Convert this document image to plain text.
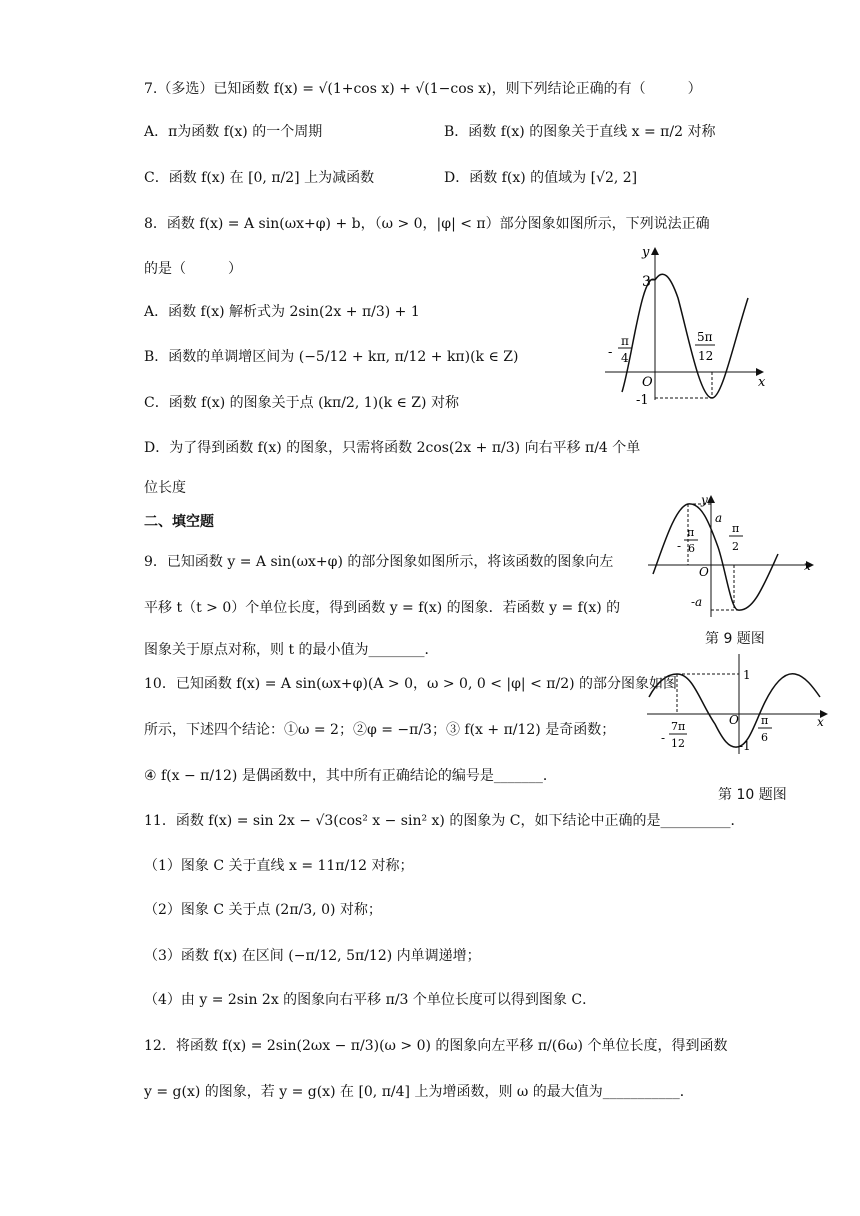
7.（多选）已知函数 f(x) = √(1+cos x) + √(1−cos x)，则下列结论正确的有（　　　）
A．π为函数 f(x) 的一个周期	B．函数 f(x) 的图象关于直线 x = π/2 对称
C．函数 f(x) 在 [0, π/2] 上为减函数	D．函数 f(x) 的值域为 [√2, 2]
8．函数 f(x) = A sin(ωx+φ) + b，（ω > 0，|φ| < π）部分图象如图所示，下列说法正确
的是（　　　）
A．函数 f(x) 解析式为 2sin(2x + π/3) + 1
B．函数的单调增区间为 (−5/12 + kπ, π/12 + kπ)(k ∈ Z)
C．函数 f(x) 的图象关于点 (kπ/2, 1)(k ∈ Z) 对称
D．为了得到函数 f(x) 的图象，只需将函数 2cos(2x + π/3) 向右平移 π/4 个单
位长度
y
x
O
3
-1
-
π
4
5π
12
二、填空题
9．已知函数 y = A sin(ωx+φ) 的部分图象如图所示，将该函数的图象向左
平移 t（t > 0）个单位长度，得到函数 y = f(x) 的图象．若函数 y = f(x) 的
图象关于原点对称，则 t 的最小值为________．
y
x
O
a
-a
-
π
6
π
2
第 9 题图
10．已知函数 f(x) = A sin(ωx+φ)(A > 0，ω > 0, 0 < |φ| < π/2) 的部分图象如图
所示，下述四个结论：①ω = 2；②φ = −π/3；③ f(x + π/12) 是奇函数；
④ f(x − π/12) 是偶函数中，其中所有正确结论的编号是_______．
1
-1
O	x
-
7π
12
π
6
第 10 题图
11．函数 f(x) = sin 2x − √3(cos² x − sin² x) 的图象为 C，如下结论中正确的是__________．
（1）图象 C 关于直线 x = 11π/12 对称；
（2）图象 C 关于点 (2π/3, 0) 对称；
（3）函数 f(x) 在区间 (−π/12, 5π/12) 内单调递增；
（4）由 y = 2sin 2x 的图象向右平移 π/3 个单位长度可以得到图象 C．
12．将函数 f(x) = 2sin(2ωx − π/3)(ω > 0) 的图象向左平移 π/(6ω) 个单位长度，得到函数
y = g(x) 的图象，若 y = g(x) 在 [0, π/4] 上为增函数，则 ω 的最大值为___________．
